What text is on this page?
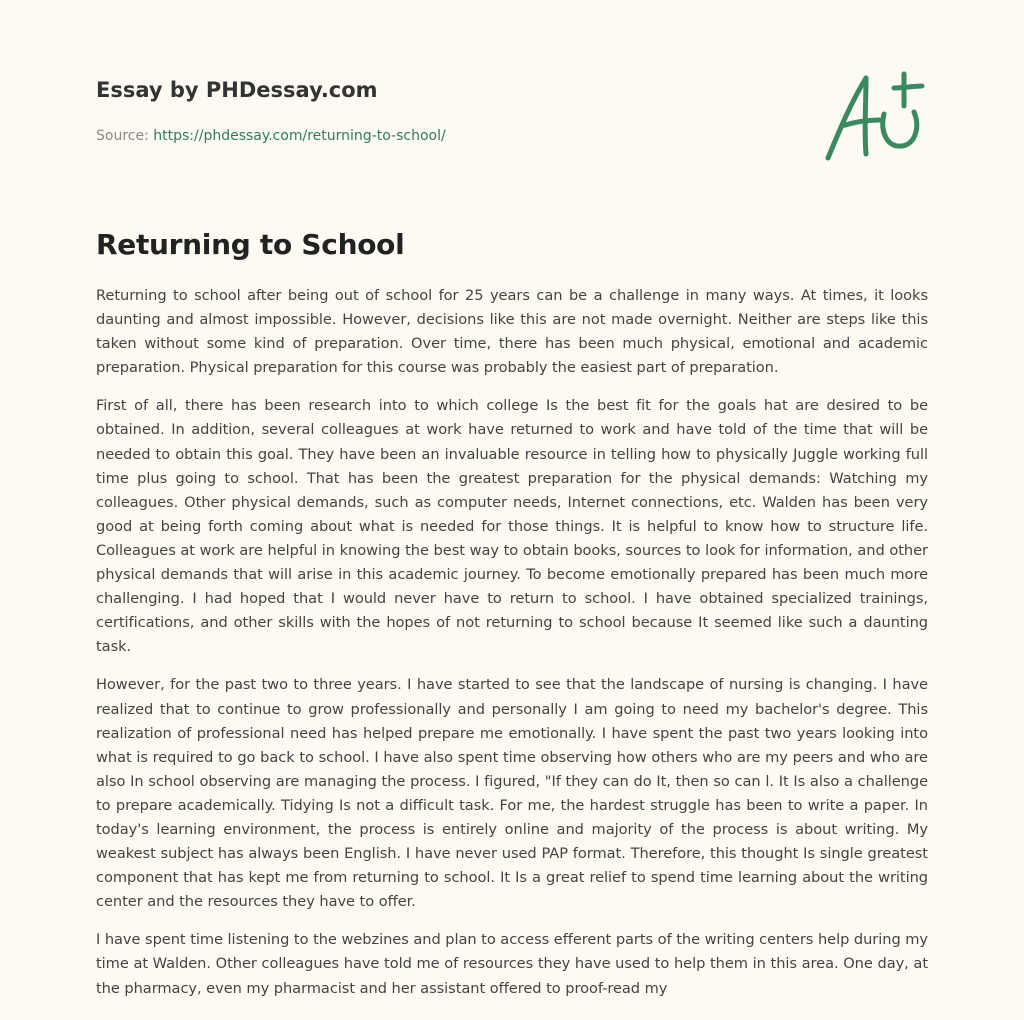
Essay by PHDessay.com
Source: https://phdessay.com/returning-to-school/
Returning to School

Returning to school after being out of school for 25 years can be a challenge in many ways. At times, it looks daunting and almost impossible. However, decisions like this are not made overnight. Neither are steps like this taken without some kind of preparation. Over time, there has been much physical, emotional and academic preparation. Physical preparation for this course was probably the easiest part of preparation.

First of all, there has been research into to which college Is the best fit for the goals hat are desired to be obtained. In addition, several colleagues at work have returned to work and have told of the time that will be needed to obtain this goal. They have been an invaluable resource in telling how to physically Juggle working full time plus going to school. That has been the greatest preparation for the physical demands: Watching my colleagues. Other physical demands, such as computer needs, Internet connections, etc. Walden has been very good at being forth coming about what is needed for those things. It is helpful to know how to structure life. Colleagues at work are helpful in knowing the best way to obtain books, sources to look for information, and other physical demands that will arise in this academic journey. To become emotionally prepared has been much more challenging. I had hoped that I would never have to return to school. I have obtained specialized trainings, certifications, and other skills with the hopes of not returning to school because It seemed like such a daunting task.

However, for the past two to three years. I have started to see that the landscape of nursing is changing. I have realized that to continue to grow professionally and personally I am going to need my bachelor's degree. This realization of professional need has helped prepare me emotionally. I have spent the past two years looking into what is required to go back to school. I have also spent time observing how others who are my peers and who are also In school observing are managing the process. I figured, "If they can do It, then so can l. It Is also a challenge to prepare academically. Tidying Is not a difficult task. For me, the hardest struggle has been to write a paper. In today's learning environment, the process is entirely online and majority of the process is about writing. My weakest subject has always been English. I have never used PAP format. Therefore, this thought Is single greatest component that has kept me from returning to school. It Is a great relief to spend time learning about the writing center and the resources they have to offer.

I have spent time listening to the webzines and plan to access efferent parts of the writing centers help during my time at Walden. Other colleagues have told me of resources they have used to help them in this area. One day, at the pharmacy, even my pharmacist and her assistant offered to proof-read my
